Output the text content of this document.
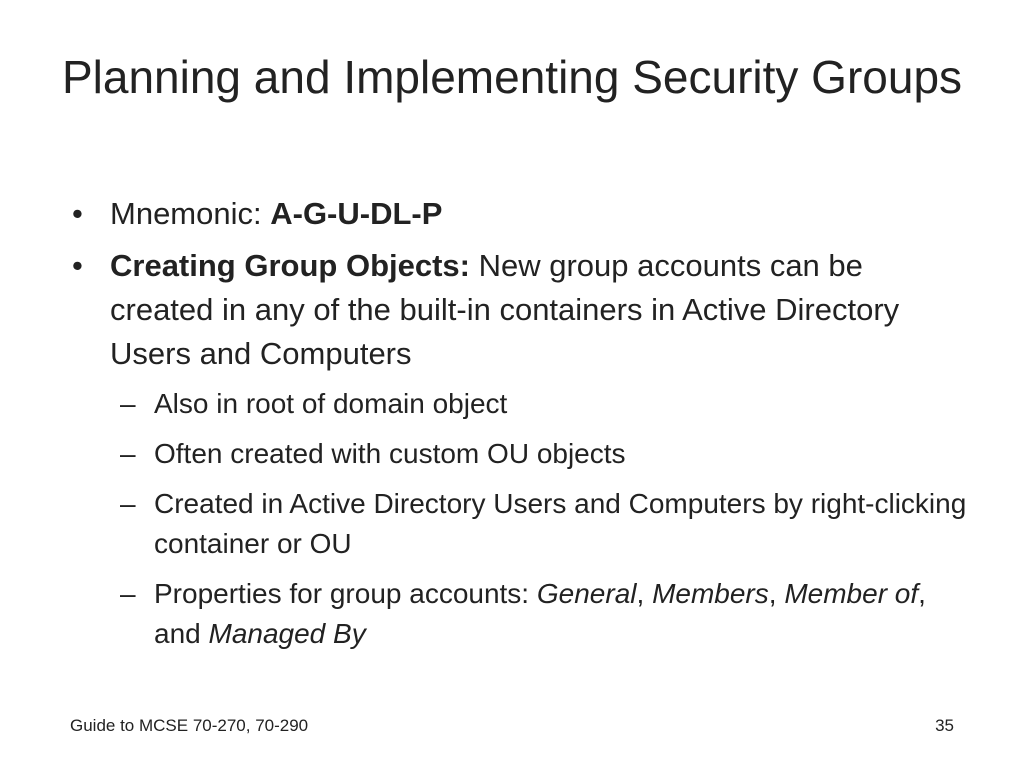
Planning and Implementing Security Groups
• Mnemonic: A-G-U-DL-P
• Creating Group Objects: New group accounts can be created in any of the built-in containers in Active Directory Users and Computers
– Also in root of domain object
– Often created with custom OU objects
– Created in Active Directory Users and Computers by right-clicking container or OU
– Properties for group accounts: General, Members, Member of, and Managed By
Guide to MCSE 70-270, 70-290	35
